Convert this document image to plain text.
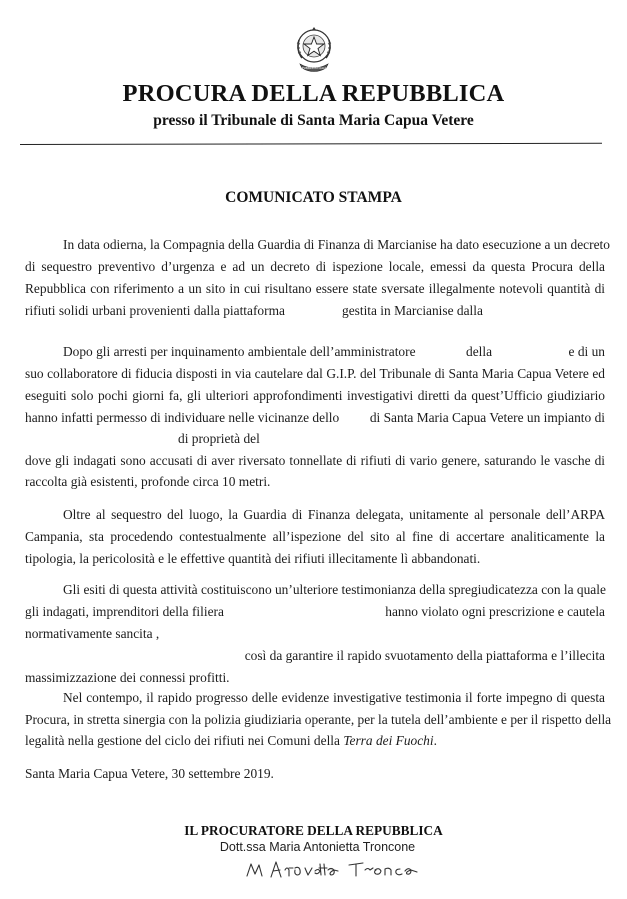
REPUBBLICA ITALIANA
PROCURA DELLA REPUBBLICA
presso il Tribunale di Santa Maria Capua Vetere
COMUNICATO STAMPA
In data odierna, la Compagnia della Guardia di Finanza di Marcianise ha dato esecuzione a un decreto
di sequestro preventivo d’urgenza e ad un decreto di ispezione locale, emessi da questa Procura della
Repubblica con riferimento a un sito in cui risultano essere state sversate illegalmente notevoli quantità di
rifiuti solidi urbani provenienti dalla piattaforma	gestita in Marcianise dalla
Dopo gli arresti per inquinamento ambientale dell’amministratore	della	e di un
suo collaboratore di fiducia disposti in via cautelare dal G.I.P. del Tribunale di Santa Maria Capua Vetere ed
eseguiti solo pochi giorni fa, gli ulteriori approfondimenti investigativi diretti da quest’Ufficio giudiziario
hanno infatti permesso di individuare nelle vicinanze dello di Santa Maria Capua Vetere un impianto di
di proprietà del
dove gli indagati sono accusati di aver riversato tonnellate di rifiuti di vario genere, saturando le vasche di
raccolta già esistenti, profonde circa 10 metri.
Oltre al sequestro del luogo, la Guardia di Finanza delegata, unitamente al personale dell’ARPA
Campania, sta procedendo contestualmente all’ispezione del sito al fine di accertare analiticamente la
tipologia, la pericolosità e le effettive quantità dei rifiuti illecitamente lì abbandonati.
Gli esiti di questa attività costituiscono un’ulteriore testimonianza della spregiudicatezza con la quale
gli indagati, imprenditori della filiera	hanno violato ogni prescrizione e cautela
normativamente sancita ,
così da garantire il rapido svuotamento della piattaforma e l’illecita
massimizzazione dei connessi profitti.
Nel contempo, il rapido progresso delle evidenze investigative testimonia il forte impegno di questa
Procura, in stretta sinergia con la polizia giudiziaria operante, per la tutela dell’ambiente e per il rispetto della
legalità nella gestione del ciclo dei rifiuti nei Comuni della Terra dei Fuochi.
Santa Maria Capua Vetere, 30 settembre 2019.
IL PROCURATORE DELLA REPUBBLICA
Dott.ssa Maria Antonietta Troncone
